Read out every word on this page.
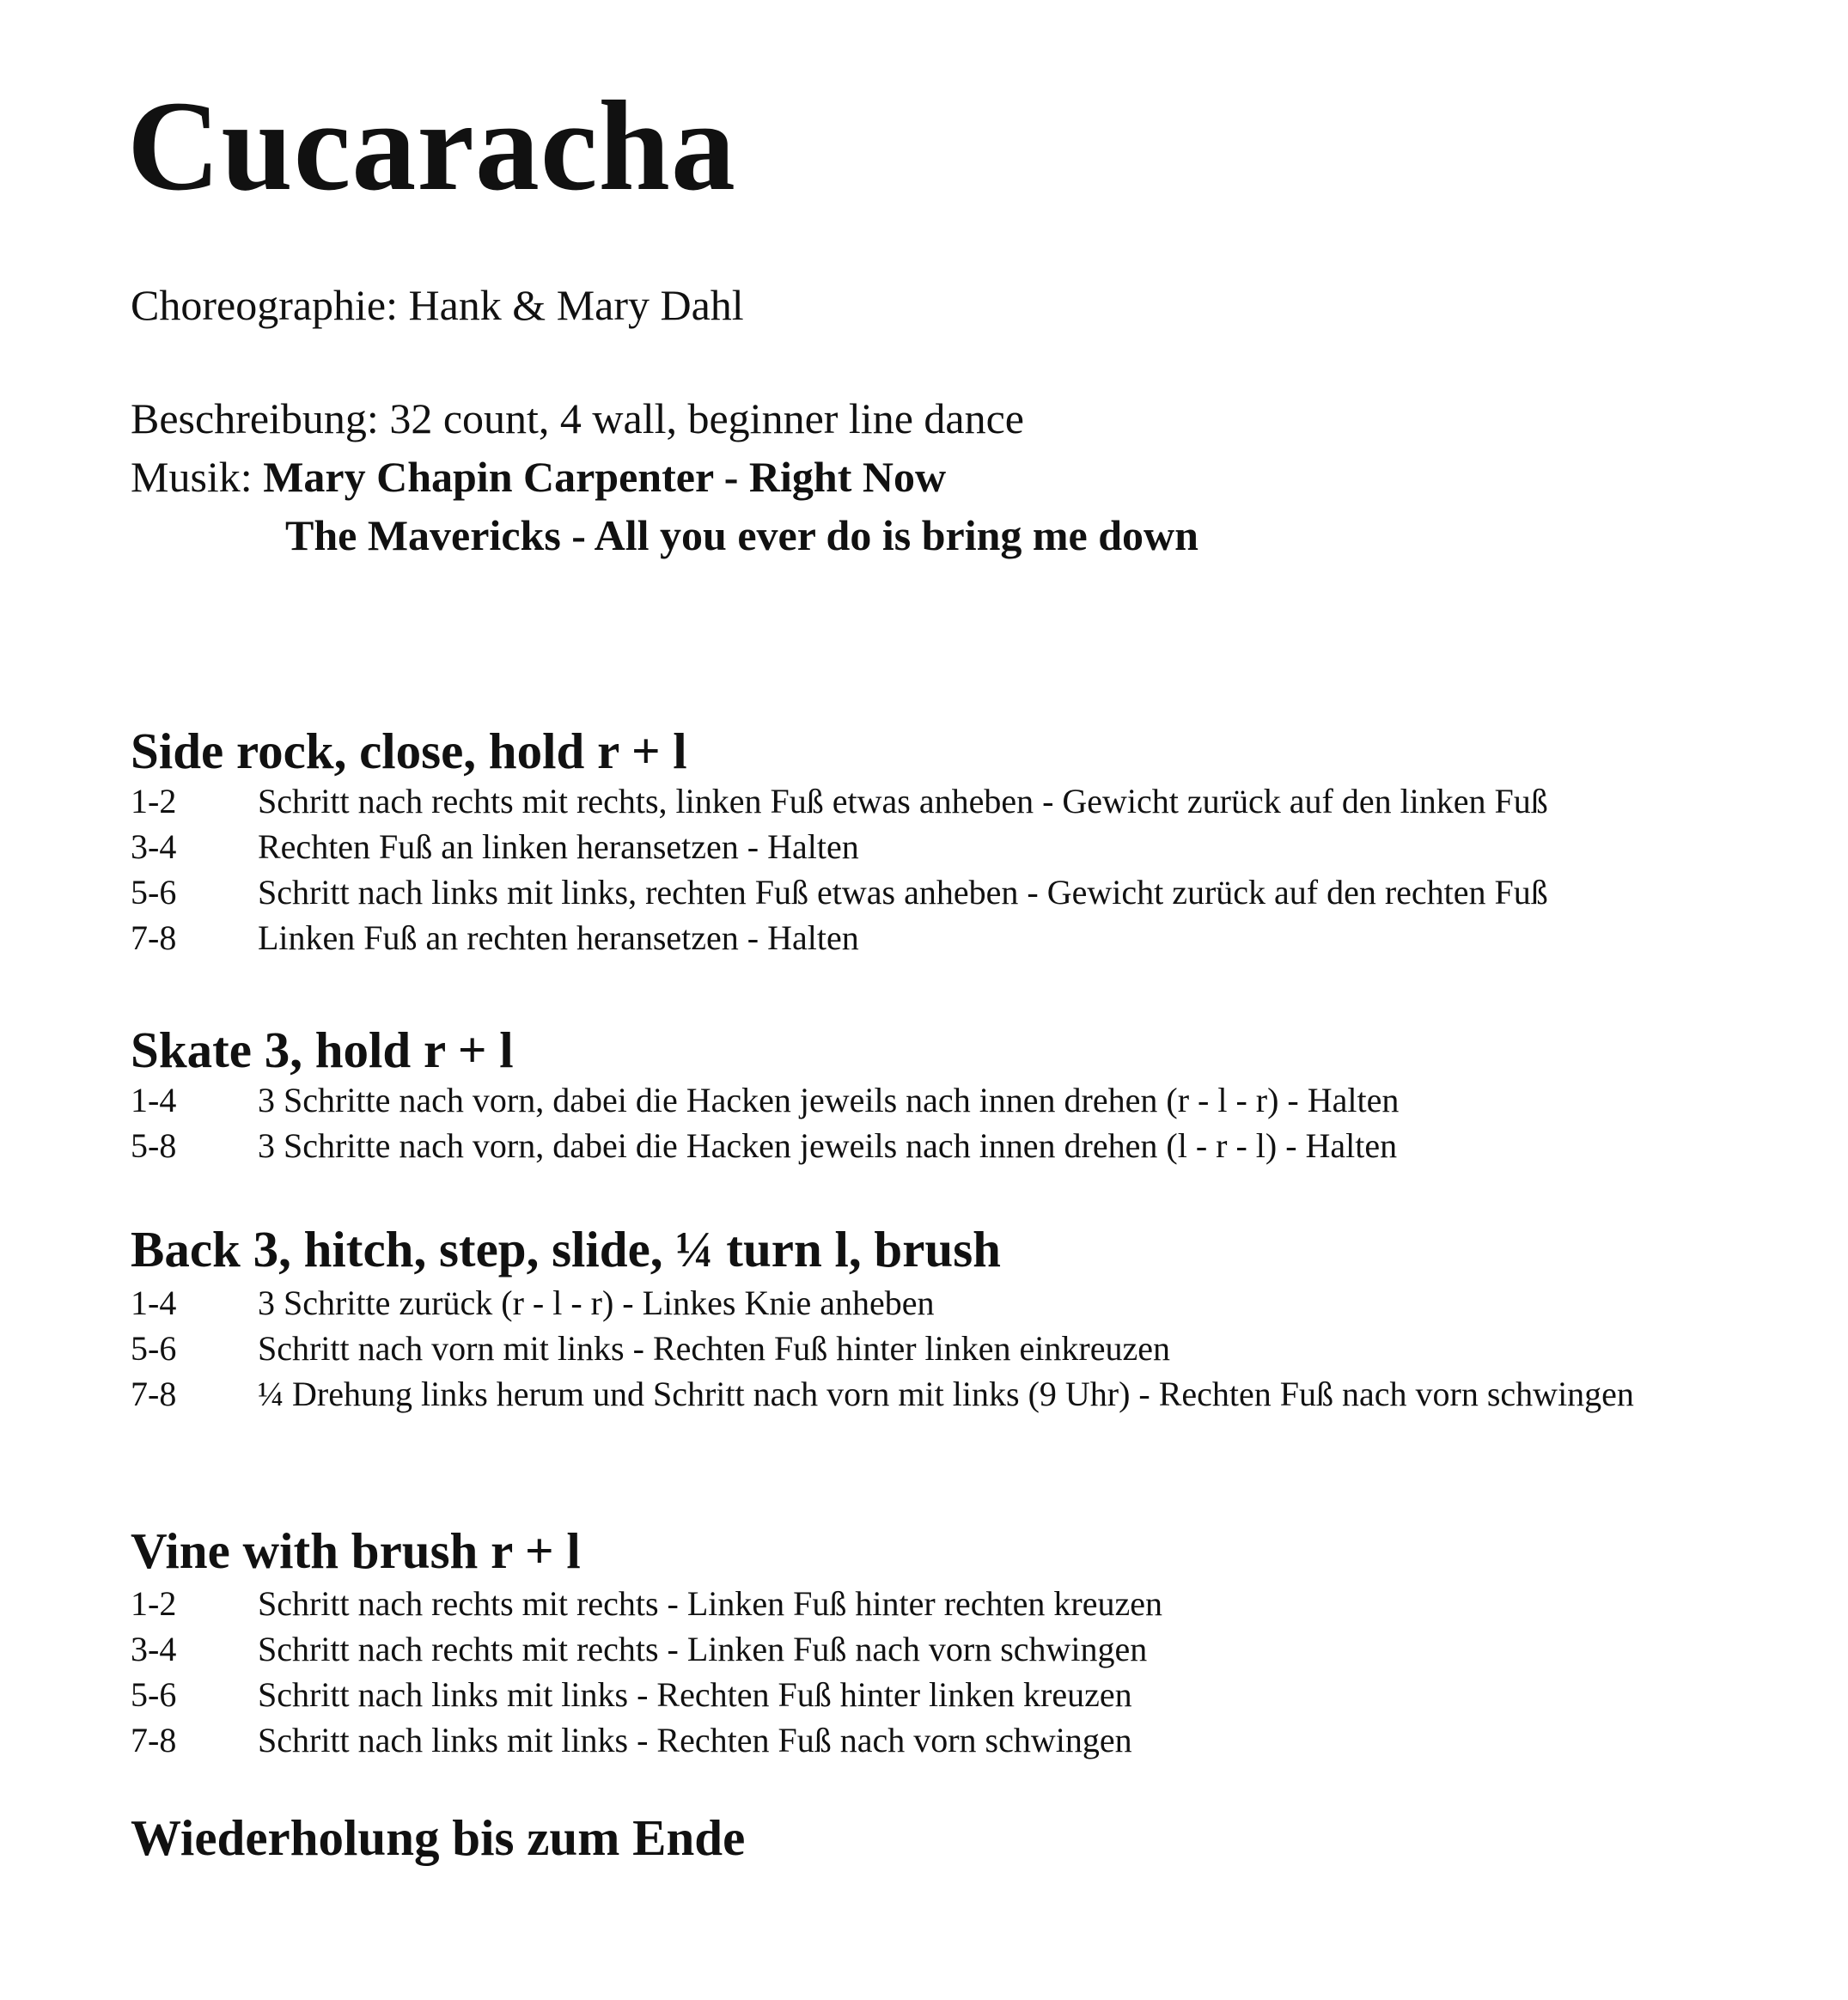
Cucaracha
Choreographie: Hank & Mary Dahl
Beschreibung: 32 count, 4 wall, beginner line dance
Musik: Mary Chapin Carpenter - Right Now
The Mavericks - All you ever do is bring me down
Side rock, close, hold r + l
1-2	Schritt nach rechts mit rechts, linken Fuß etwas anheben - Gewicht zurück auf den linken Fuß
3-4	Rechten Fuß an linken heransetzen - Halten
5-6	Schritt nach links mit links, rechten Fuß etwas anheben - Gewicht zurück auf den rechten Fuß
7-8	Linken Fuß an rechten heransetzen - Halten
Skate 3, hold r + l
1-4	3 Schritte nach vorn, dabei die Hacken jeweils nach innen drehen (r - l - r) - Halten
5-8	3 Schritte nach vorn, dabei die Hacken jeweils nach innen drehen (l - r - l) - Halten
Back 3, hitch, step, slide, ¼ turn l, brush
1-4	3 Schritte zurück (r - l - r) - Linkes Knie anheben
5-6	Schritt nach vorn mit links - Rechten Fuß hinter linken einkreuzen
7-8	¼ Drehung links herum und Schritt nach vorn mit links (9 Uhr) - Rechten Fuß nach vorn schwingen
Vine with brush r + l
1-2	Schritt nach rechts mit rechts - Linken Fuß hinter rechten kreuzen
3-4	Schritt nach rechts mit rechts - Linken Fuß nach vorn schwingen
5-6	Schritt nach links mit links - Rechten Fuß hinter linken kreuzen
7-8	Schritt nach links mit links - Rechten Fuß nach vorn schwingen
Wiederholung bis zum Ende
